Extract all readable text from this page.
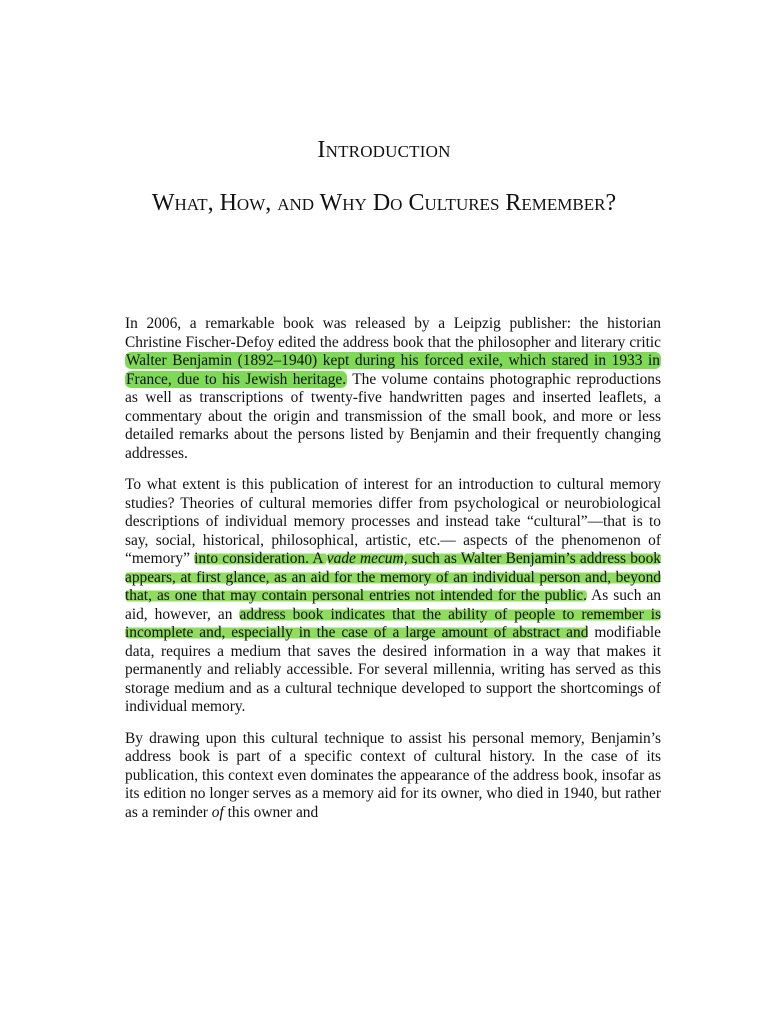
Introduction
What, How, and Why Do Cultures Remember?

In 2006, a remarkable book was released by a Leipzig publisher: the historian Christine Fischer-Defoy edited the address book that the philosopher and literary critic Walter Benjamin (1892–1940) kept during his forced exile, which stared in 1933 in France, due to his Jewish heritage. The volume contains photographic reproductions as well as transcriptions of twenty-five handwritten pages and inserted leaflets, a commentary about the origin and transmission of the small book, and more or less detailed remarks about the persons listed by Benjamin and their frequently changing addresses.

To what extent is this publication of interest for an introduction to cultural memory studies? Theories of cultural memories differ from psychological or neurobiological descriptions of individual memory processes and instead take “cultural”—that is to say, social, historical, philosophical, artistic, etc.— aspects of the phenomenon of “memory” into consideration. A vade mecum, such as Walter Benjamin’s address book appears, at first glance, as an aid for the memory of an individual person and, beyond that, as one that may contain personal entries not intended for the public. As such an aid, however, an address book indicates that the ability of people to remember is incomplete and, especially in the case of a large amount of abstract and modifiable data, requires a medium that saves the desired information in a way that makes it permanently and reliably accessible. For several millennia, writing has served as this storage medium and as a cultural technique developed to support the shortcomings of individual memory.

By drawing upon this cultural technique to assist his personal memory, Benjamin’s address book is part of a specific context of cultural history. In the case of its publication, this context even dominates the appearance of the address book, insofar as its edition no longer serves as a memory aid for its owner, who died in 1940, but rather as a reminder of this owner and
